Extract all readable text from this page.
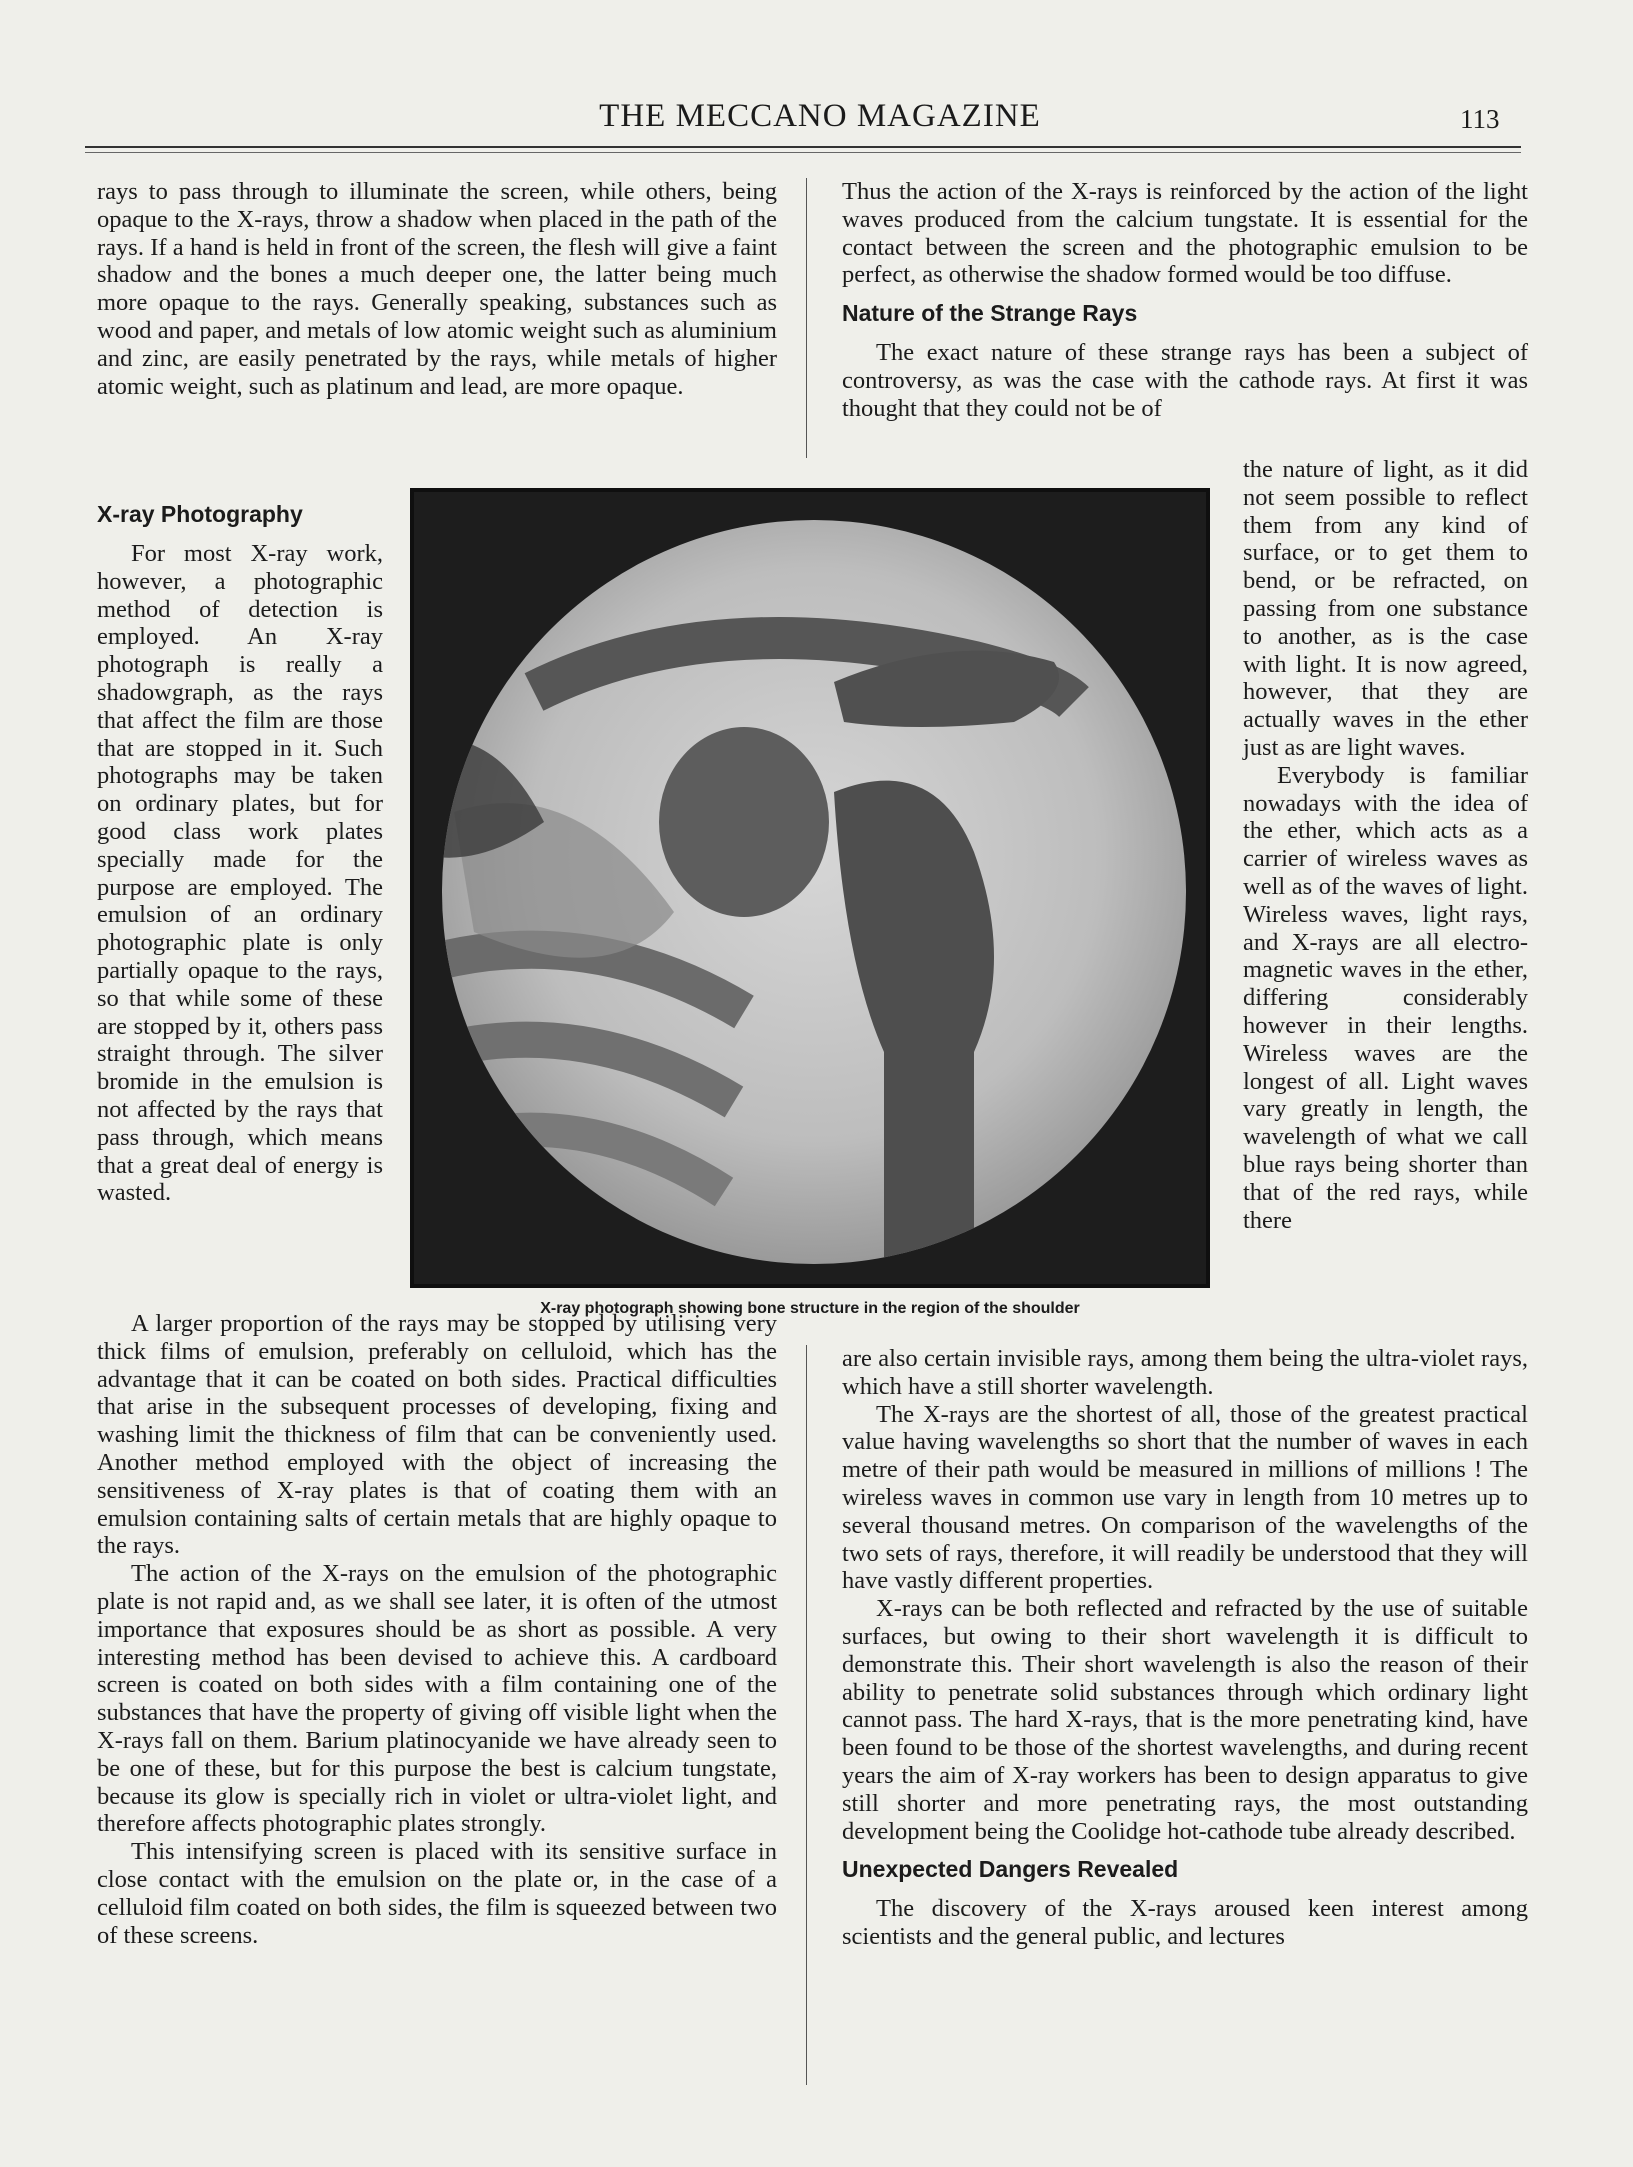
THE MECCANO MAGAZINE	113

rays to pass through to illuminate the screen, while others, being opaque to the X-rays, throw a shadow when placed in the path of the rays. If a hand is held in front of the screen, the flesh will give a faint shadow and the bones a much deeper one, the latter being much more opaque to the rays. Generally speaking, substances such as wood and paper, and metals of low atomic weight such as aluminium and zinc, are easily penetrated by the rays, while metals of higher atomic weight, such as platinum and lead, are more opaque.

X-ray Photography

For most X-ray work, however, a photographic method of detection is employed. An X-ray photograph is really a shadowgraph, as the rays that affect the film are those that are stopped in it. Such photographs may be taken on ordinary plates, but for good class work plates specially made for the purpose are employed. The emulsion of an ordinary photographic plate is only partially opaque to the rays, so that while some of these are stopped by it, others pass straight through. The silver bromide in the emulsion is not affected by the rays that pass through, which means that a great deal of energy is wasted.

A larger proportion of the rays may be stopped by utilising very thick films of emulsion, preferably on celluloid, which has the advantage that it can be coated on both sides. Practical difficulties that arise in the subsequent processes of developing, fixing and washing limit the thickness of film that can be conveniently used. Another method employed with the object of increasing the sensitiveness of X-ray plates is that of coating them with an emulsion containing salts of certain metals that are highly opaque to the rays.

The action of the X-rays on the emulsion of the photographic plate is not rapid and, as we shall see later, it is often of the utmost importance that exposures should be as short as possible. A very interesting method has been devised to achieve this. A cardboard screen is coated on both sides with a film containing one of the substances that have the property of giving off visible light when the X-rays fall on them. Barium platinocyanide we have already seen to be one of these, but for this purpose the best is calcium tungstate, because its glow is specially rich in violet or ultra-violet light, and therefore affects photographic plates strongly.

This intensifying screen is placed with its sensitive surface in close contact with the emulsion on the plate or, in the case of a celluloid film coated on both sides, the film is squeezed between two of these screens.

Thus the action of the X-rays is reinforced by the action of the light waves produced from the calcium tungstate. It is essential for the contact between the screen and the photographic emulsion to be perfect, as otherwise the shadow formed would be too diffuse.

Nature of the Strange Rays

The exact nature of these strange rays has been a subject of controversy, as was the case with the cathode rays. At first it was thought that they could not be of

the nature of light, as it did not seem possible to reflect them from any kind of surface, or to get them to bend, or be refracted, on passing from one substance to another, as is the case with light. It is now agreed, however, that they are actually waves in the ether just as are light waves.

Everybody is familiar nowadays with the idea of the ether, which acts as a carrier of wireless waves as well as of the waves of light. Wireless waves, light rays, and X-rays are all electro-magnetic waves in the ether, differing considerably however in their lengths. Wireless waves are the longest of all. Light waves vary greatly in length, the wavelength of what we call blue rays being shorter than that of the red rays, while there

are also certain invisible rays, among them being the ultra-violet rays, which have a still shorter wavelength.

The X-rays are the shortest of all, those of the greatest practical value having wavelengths so short that the number of waves in each metre of their path would be measured in millions of millions ! The wireless waves in common use vary in length from 10 metres up to several thousand metres. On comparison of the wavelengths of the two sets of rays, therefore, it will readily be understood that they will have vastly different properties.

X-rays can be both reflected and refracted by the use of suitable surfaces, but owing to their short wavelength it is difficult to demonstrate this. Their short wavelength is also the reason of their ability to penetrate solid substances through which ordinary light cannot pass. The hard X-rays, that is the more penetrating kind, have been found to be those of the shortest wavelengths, and during recent years the aim of X-ray workers has been to design apparatus to give still shorter and more penetrating rays, the most outstanding development being the Coolidge hot-cathode tube already described.

Unexpected Dangers Revealed

The discovery of the X-rays aroused keen interest among scientists and the general public, and lectures

X-ray photograph showing bone structure in the region of the shoulder
